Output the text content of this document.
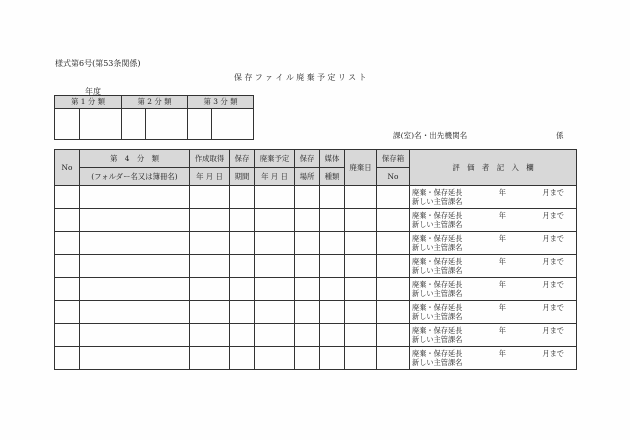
様式第6号(第53条関係)
保存ファイル廃棄予定リスト
年度
第 1 分 類		第 2 分 類		第 3 分 類	

課(室)名・出先機関名	係
No	第　4　分　類	作成取得	保存	廃棄予定	保存	媒体	廃棄日	保存箱	評　価　者　記　入　欄
	(フォルダー名又は簿冊名)	年 月 日	期間	年 月 日	場所	種類		No	

									廃棄・保存延長 年 月まで
新しい主管課名

									廃棄・保存延長 年 月まで
新しい主管課名

									廃棄・保存延長 年 月まで
新しい主管課名

									廃棄・保存延長 年 月まで
新しい主管課名

									廃棄・保存延長 年 月まで
新しい主管課名

									廃棄・保存延長 年 月まで
新しい主管課名

									廃棄・保存延長 年 月まで
新しい主管課名

									廃棄・保存延長 年 月まで
新しい主管課名
